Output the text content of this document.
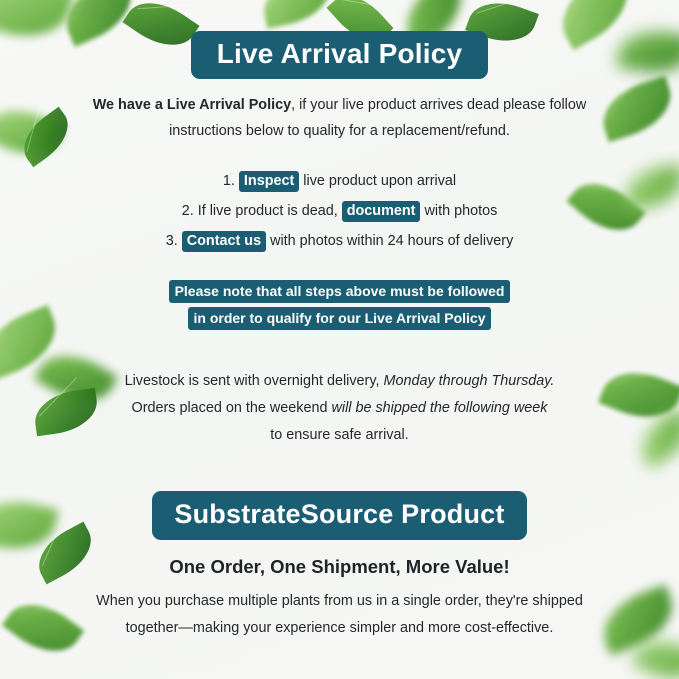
Live Arrival Policy

We have a Live Arrival Policy, if your live product arrives dead please follow instructions below to quality for a replacement/refund.

1. Inspect live product upon arrival
2. If live product is dead, document with photos
3. Contact us with photos within 24 hours of delivery
Please note that all steps above must be followed
in order to qualify for our Live Arrival Policy
Livestock is sent with overnight delivery, Monday through Thursday.
Orders placed on the weekend will be shipped the following week
to ensure safe arrival.
SubstrateSource Product
One Order, One Shipment, More Value!

When you purchase multiple plants from us in a single order, they're shipped together—making your experience simpler and more cost-effective.
